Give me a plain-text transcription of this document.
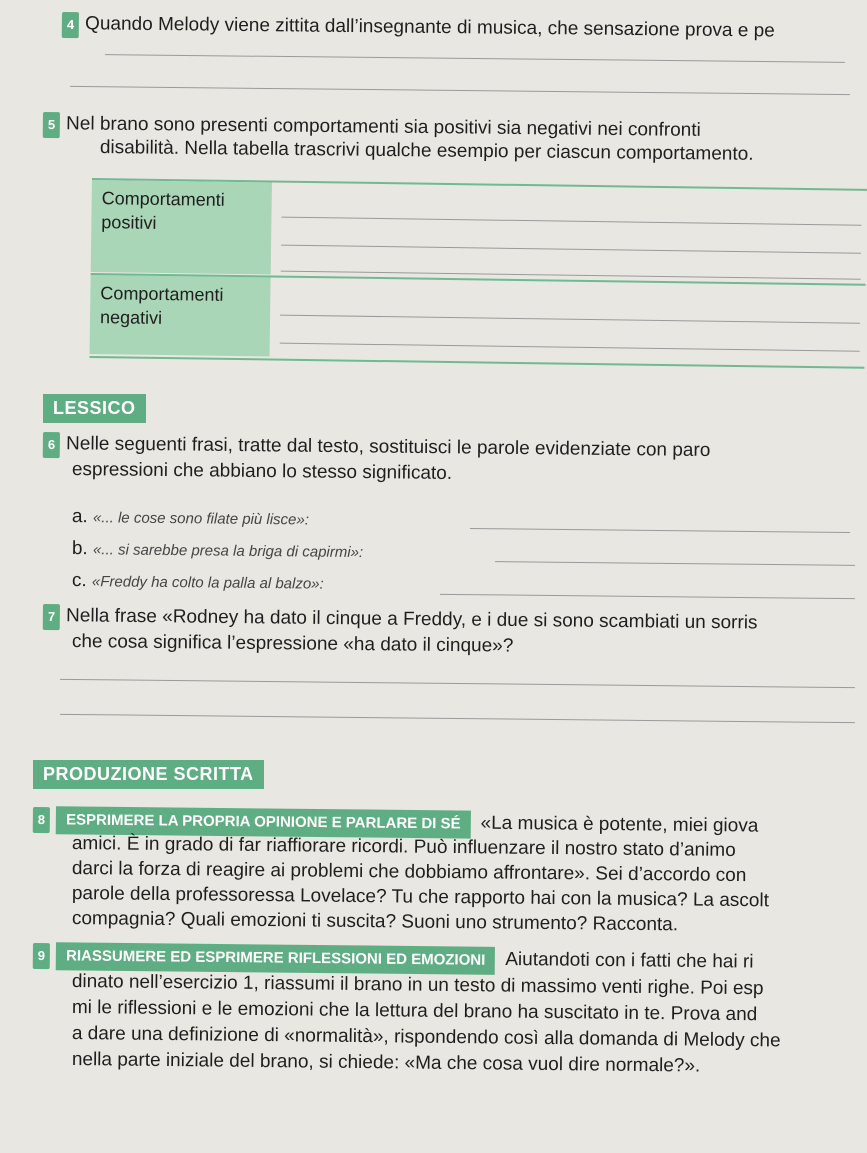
4 Quando Melody viene zittita dall’insegnante di musica, che sensazione prova e pe
5 Nel brano sono presenti comportamenti sia positivi sia negativi nei confronti
disabilità. Nella tabella trascrivi qualche esempio per ciascun comportamento.
Comportamenti positivi
Comportamenti negativi
LESSICO
6 Nelle seguenti frasi, tratte dal testo, sostituisci le parole evidenziate con paro
espressioni che abbiano lo stesso significato.
a. «... le cose sono filate più lisce»:
b. «... si sarebbe presa la briga di capirmi»:
c. «Freddy ha colto la palla al balzo»:
7 Nella frase «Rodney ha dato il cinque a Freddy, e i due si sono scambiati un sorris
che cosa significa l’espressione «ha dato il cinque»?
PRODUZIONE SCRITTA
8 ESPRIMERE LA PROPRIA OPINIONE E PARLARE DI SÉ «La musica è potente, miei giova
amici. È in grado di far riaffiorare ricordi. Può influenzare il nostro stato d’animo
darci la forza di reagire ai problemi che dobbiamo affrontare». Sei d’accordo con
parole della professoressa Lovelace? Tu che rapporto hai con la musica? La ascolt
compagnia? Quali emozioni ti suscita? Suoni uno strumento? Racconta.
9 RIASSUMERE ED ESPRIMERE RIFLESSIONI ED EMOZIONI Aiutandoti con i fatti che hai ri
dinato nell’esercizio 1, riassumi il brano in un testo di massimo venti righe. Poi esp
mi le riflessioni e le emozioni che la lettura del brano ha suscitato in te. Prova and
a dare una definizione di «normalità», rispondendo così alla domanda di Melody che
nella parte iniziale del brano, si chiede: «Ma che cosa vuol dire normale?».
